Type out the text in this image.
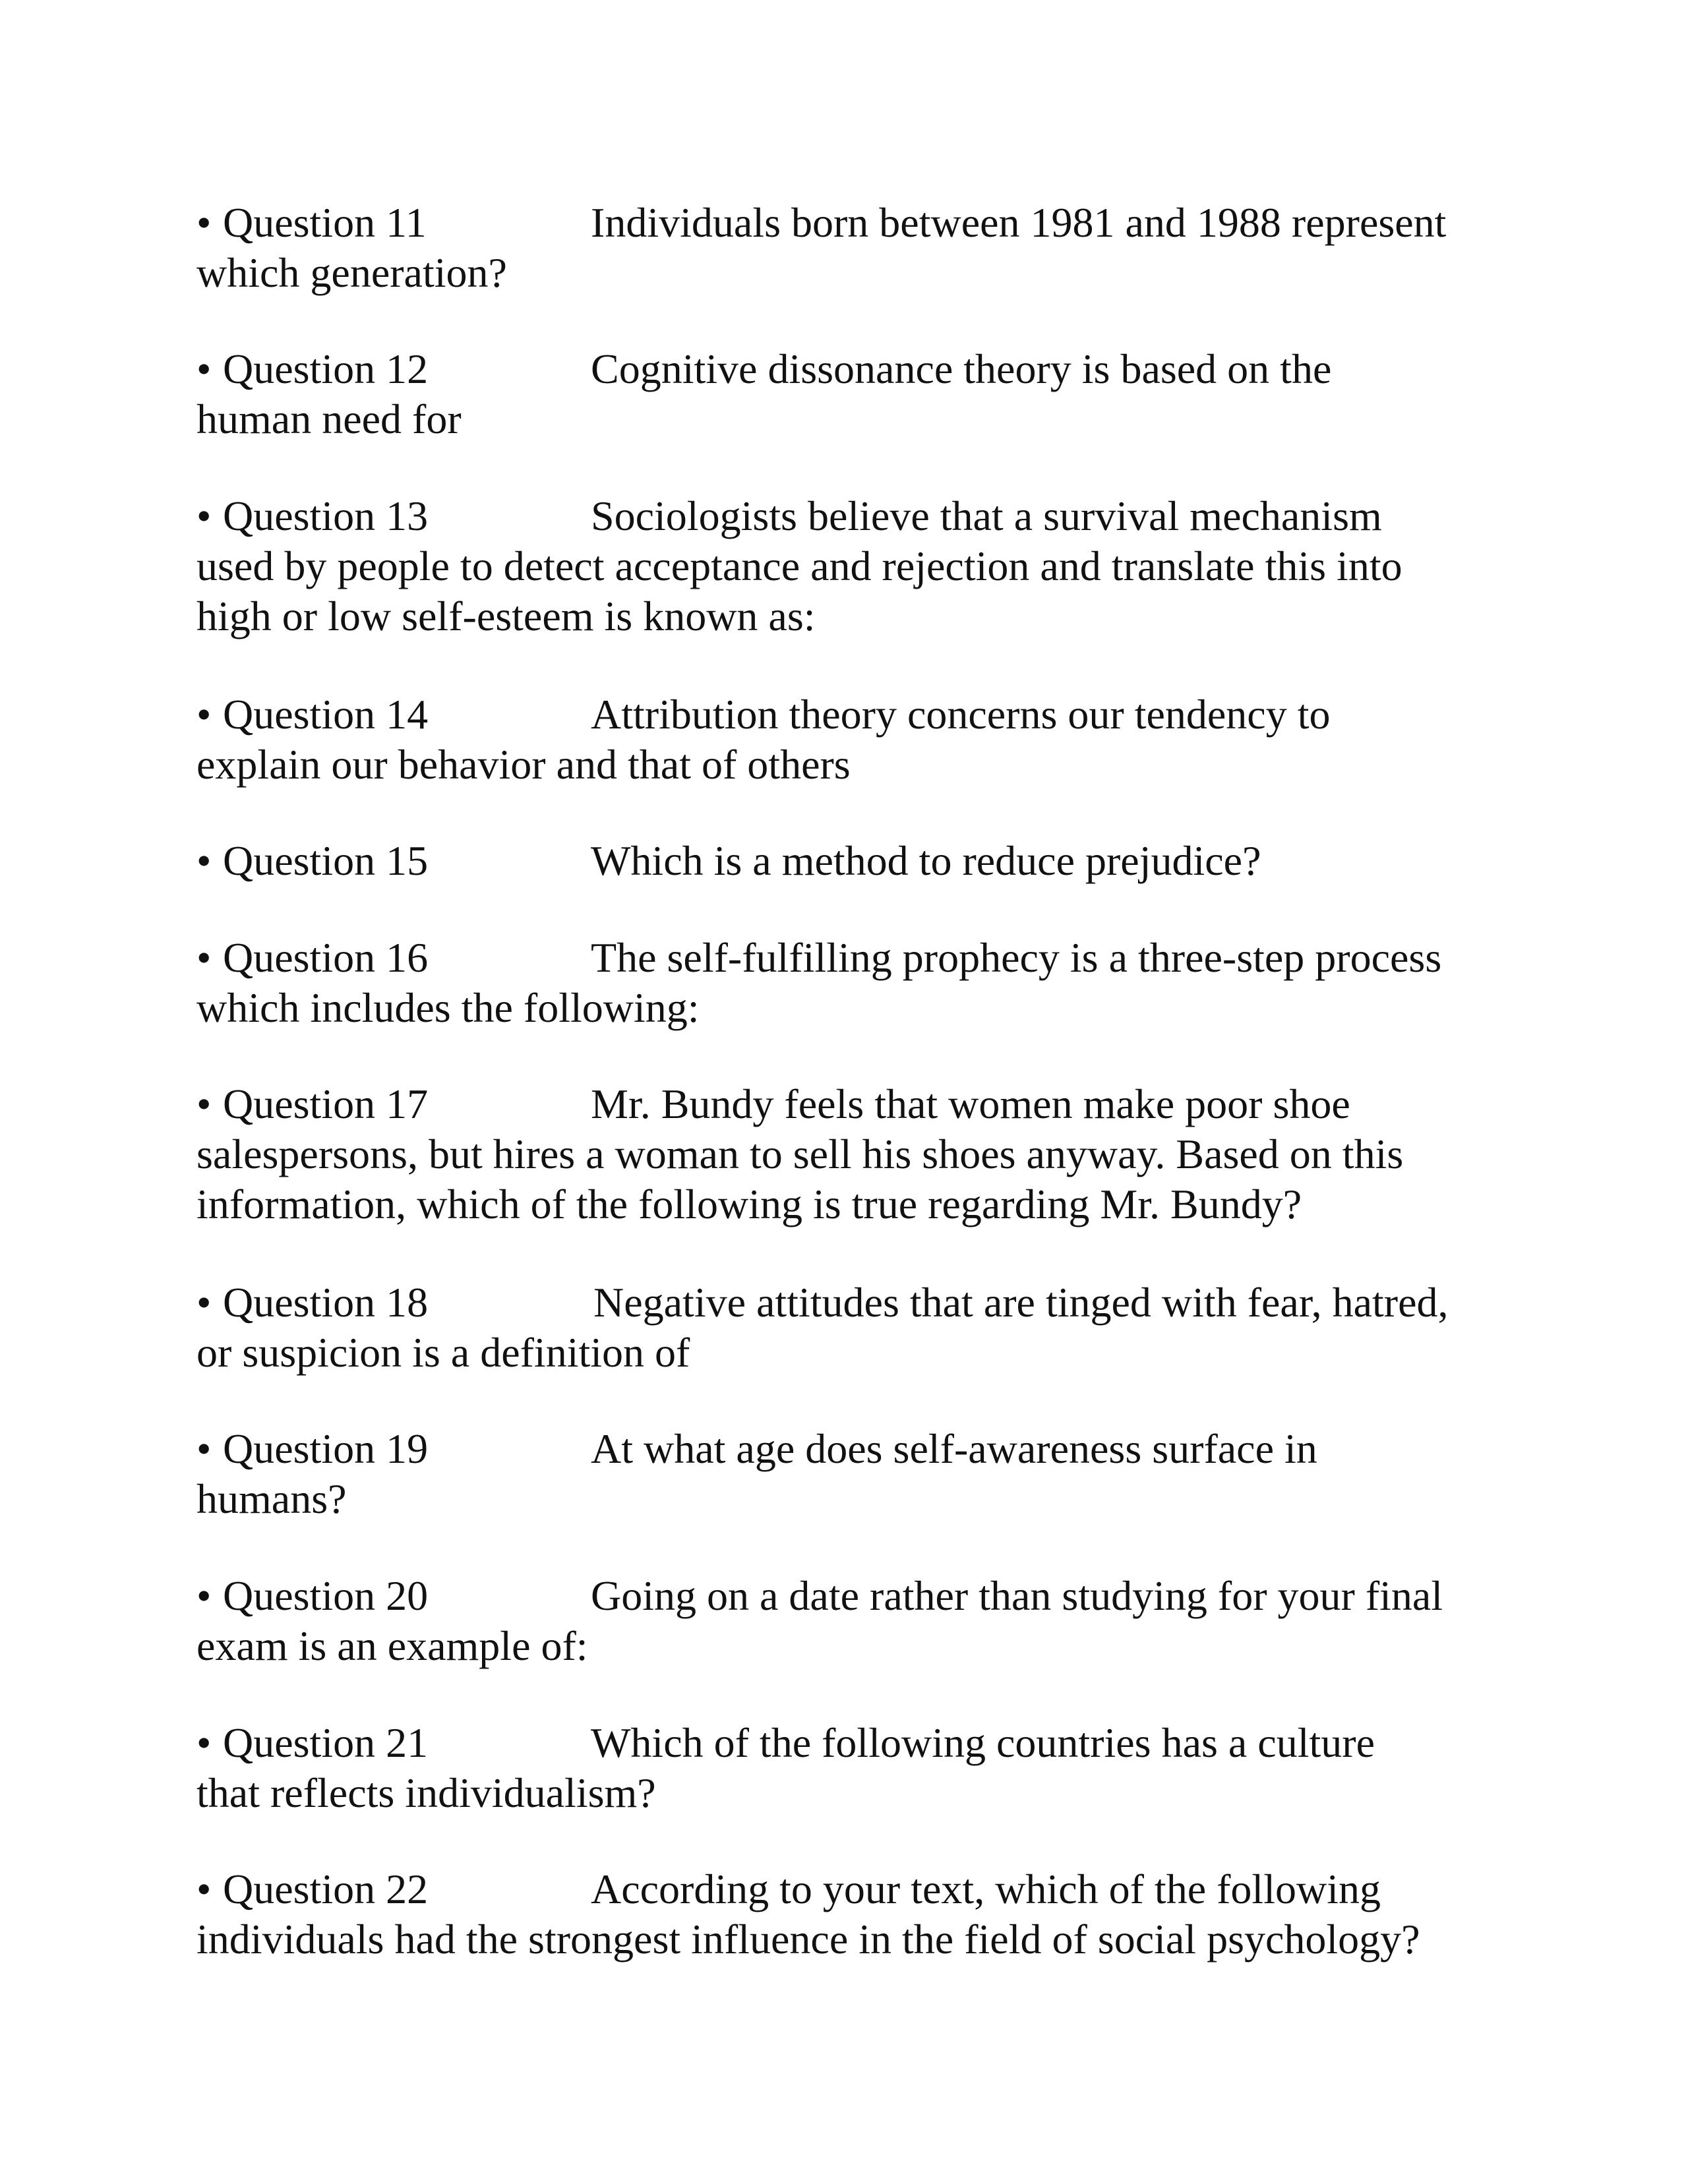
• Question 11	Individuals born between 1981 and 1988 represent
which generation?

• Question 12	Cognitive dissonance theory is based on the
human need for

• Question 13	Sociologists believe that a survival mechanism
used by people to detect acceptance and rejection and translate this into
high or low self-esteem is known as:

• Question 14	Attribution theory concerns our tendency to
explain our behavior and that of others

• Question 15	Which is a method to reduce prejudice?

• Question 16	The self-fulfilling prophecy is a three-step process
which includes the following:

• Question 17	Mr. Bundy feels that women make poor shoe
salespersons, but hires a woman to sell his shoes anyway. Based on this
information, which of the following is true regarding Mr. Bundy?

• Question 18	Negative attitudes that are tinged with fear, hatred,
or suspicion is a definition of

• Question 19	At what age does self-awareness surface in
humans?

• Question 20	Going on a date rather than studying for your final
exam is an example of:

• Question 21	Which of the following countries has a culture
that reflects individualism?

• Question 22	According to your text, which of the following
individuals had the strongest influence in the field of social psychology?
